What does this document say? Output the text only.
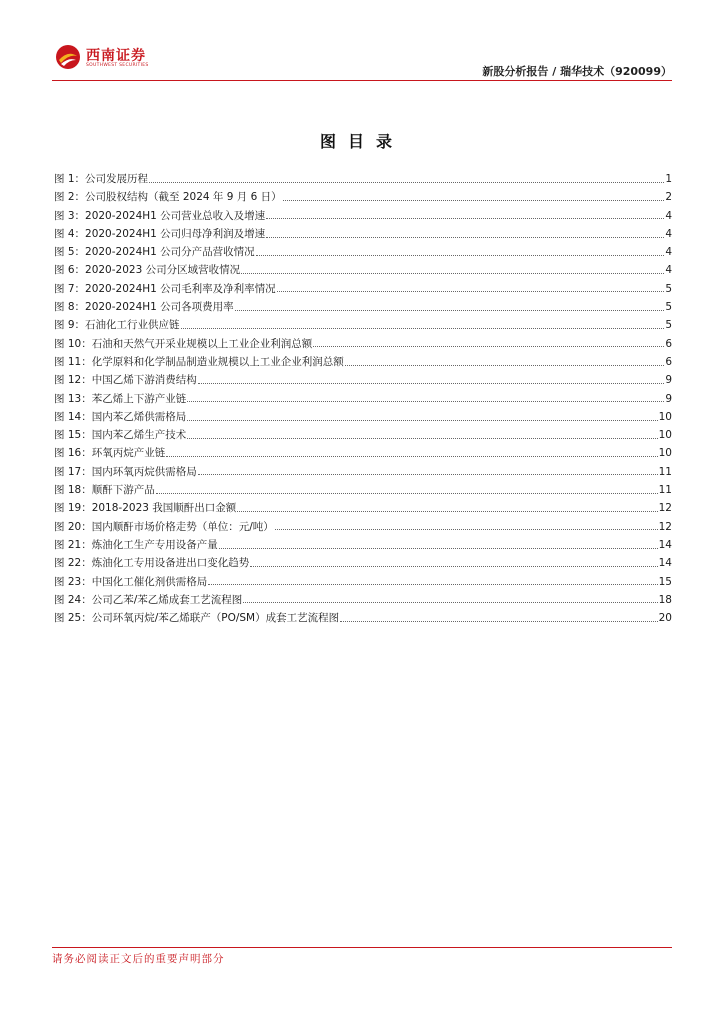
西南证券
SOUTHWEST SECURITIES	新股分析报告 / 瑞华技术（920099）
图目录
图 1：公司发展历程	1
图 2：公司股权结构（截至 2024 年 9 月 6 日）	2
图 3：2020-2024H1 公司营业总收入及增速	4
图 4：2020-2024H1 公司归母净利润及增速	4
图 5：2020-2024H1 公司分产品营收情况	4
图 6：2020-2023 公司分区域营收情况	4
图 7：2020-2024H1 公司毛利率及净利率情况	5
图 8：2020-2024H1 公司各项费用率	5
图 9：石油化工行业供应链	5
图 10：石油和天然气开采业规模以上工业企业利润总额	6
图 11：化学原料和化学制品制造业规模以上工业企业利润总额	6
图 12：中国乙烯下游消费结构	9
图 13：苯乙烯上下游产业链	9
图 14：国内苯乙烯供需格局	10
图 15：国内苯乙烯生产技术	10
图 16：环氧丙烷产业链	10
图 17：国内环氧丙烷供需格局	11
图 18：顺酐下游产品	11
图 19：2018-2023 我国顺酐出口金额	12
图 20：国内顺酐市场价格走势（单位：元/吨）	12
图 21：炼油化工生产专用设备产量	14
图 22：炼油化工专用设备进出口变化趋势	14
图 23：中国化工催化剂供需格局	15
图 24：公司乙苯/苯乙烯成套工艺流程图	18
图 25：公司环氧丙烷/苯乙烯联产（PO/SM）成套工艺流程图	20
请务必阅读正文后的重要声明部分
